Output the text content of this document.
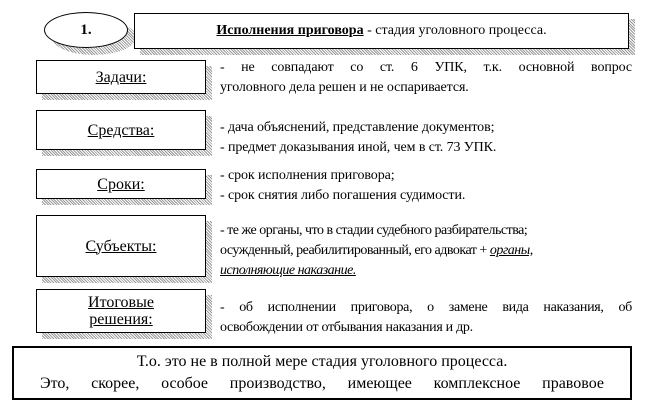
1.	Исполнения приговора - стадия уголовного процесса.
Задачи:
- не совпадают со ст. 6 УПК, т.к. основной вопрос
уголовного дела решен и не оспаривается.
Средства:	- дача объяснений, представление документов;
- предмет доказывания иной, чем в ст. 73 УПК.
Сроки:	- срок исполнения приговора;
- срок снятия либо погашения судимости.
Субъекты:
- те же органы, что в стадии судебного разбирательства;
осужденный, реабилитированный, его адвокат + органы,
исполняющие наказание.
Итоговые
решения:
- об исполнении приговора, о замене вида наказания, об
освобождении от отбывания наказания и др.
Т.о. это не в полной мере стадия уголовного процесса.
Это, скорее, особое производство, имеющее комплексное правовое
